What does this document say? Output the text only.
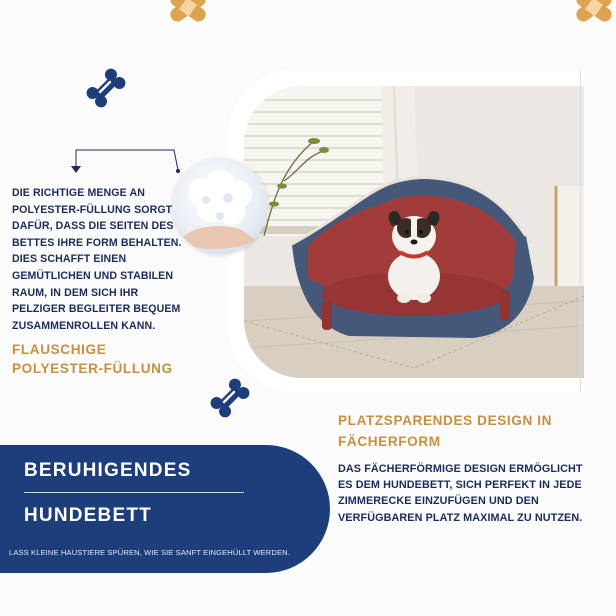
DIE RICHTIGE MENGE AN POLYESTER-FÜLLUNG SORGT DAFÜR, DASS DIE SEITEN DES BETTES IHRE FORM BEHALTEN. DIES SCHAFFT EINEN GEMÜTLICHEN UND STABILEN RAUM, IN DEM SICH IHR PELZIGER BEGLEITER BEQUEM ZUSAMMENROLLEN KANN.
FLAUSCHIGE
POLYESTER-FÜLLUNG
PLATZSPARENDES DESIGN IN
FÄCHERFORM
DAS FÄCHERFÖRMIGE DESIGN ERMÖGLICHT ES DEM HUNDEBETT, SICH PERFEKT IN JEDE ZIMMERECKE EINZUFÜGEN UND DEN VERFÜGBAREN PLATZ MAXIMAL ZU NUTZEN.
BERUHIGENDES
HUNDEBETT
LASS KLEINE HAUSTIERE SPÜREN, WIE SIE SANFT EINGEHÜLLT WERDEN.
